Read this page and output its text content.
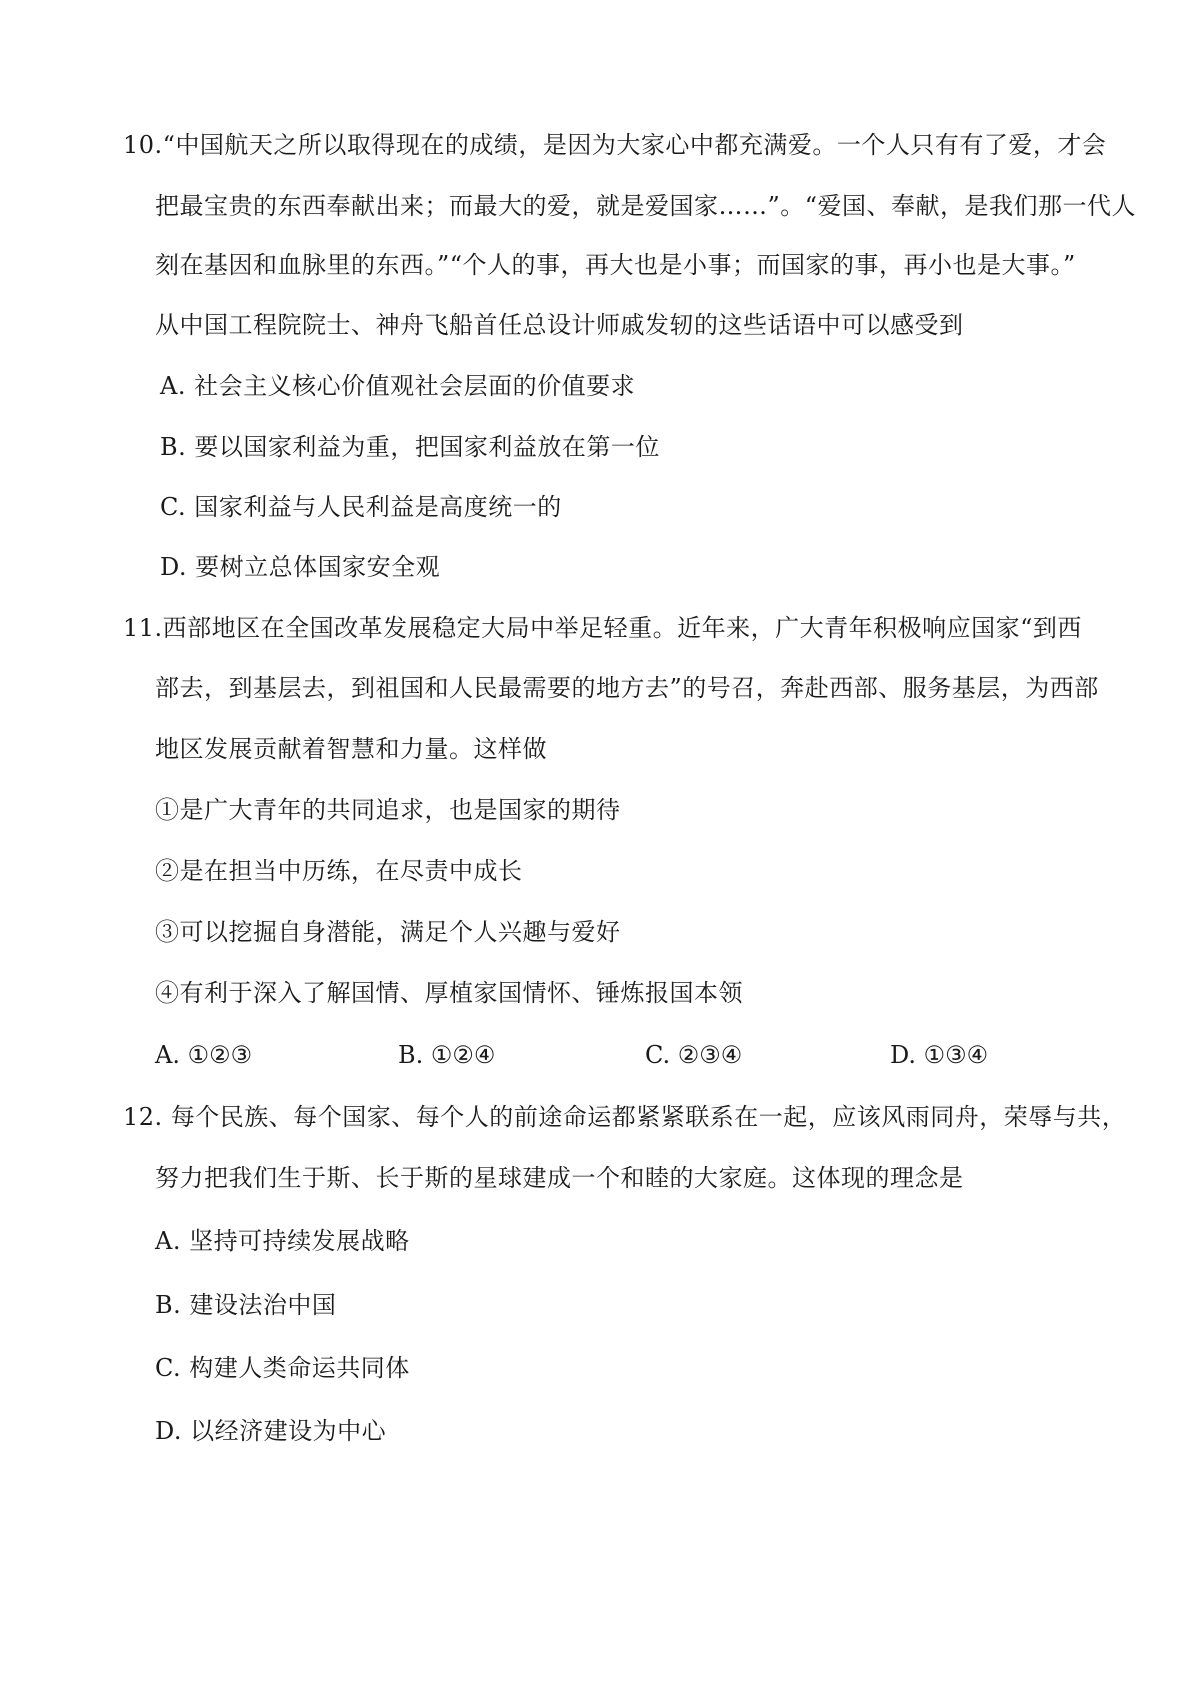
10.“中国航天之所以取得现在的成绩，是因为大家心中都充满爱。一个人只有有了爱，才会
把最宝贵的东西奉献出来；而最大的爱，就是爱国家……”。“爱国、奉献，是我们那一代人
刻在基因和血脉里的东西。”“个人的事，再大也是小事；而国家的事，再小也是大事。”
从中国工程院院士、神舟飞船首任总设计师戚发轫的这些话语中可以感受到
A. 社会主义核心价值观社会层面的价值要求
B. 要以国家利益为重，把国家利益放在第一位
C. 国家利益与人民利益是高度统一的
D. 要树立总体国家安全观
11.西部地区在全国改革发展稳定大局中举足轻重。近年来，广大青年积极响应国家“到西
部去，到基层去，到祖国和人民最需要的地方去”的号召，奔赴西部、服务基层，为西部
地区发展贡献着智慧和力量。这样做
①是广大青年的共同追求，也是国家的期待
②是在担当中历练，在尽责中成长
③可以挖掘自身潜能，满足个人兴趣与爱好
④有利于深入了解国情、厚植家国情怀、锤炼报国本领
A. ①②③	B. ①②④	C. ②③④	D. ①③④
12. 每个民族、每个国家、每个人的前途命运都紧紧联系在一起，应该风雨同舟，荣辱与共，
努力把我们生于斯、长于斯的星球建成一个和睦的大家庭。这体现的理念是
A. 坚持可持续发展战略
B. 建设法治中国
C. 构建人类命运共同体
D. 以经济建设为中心
